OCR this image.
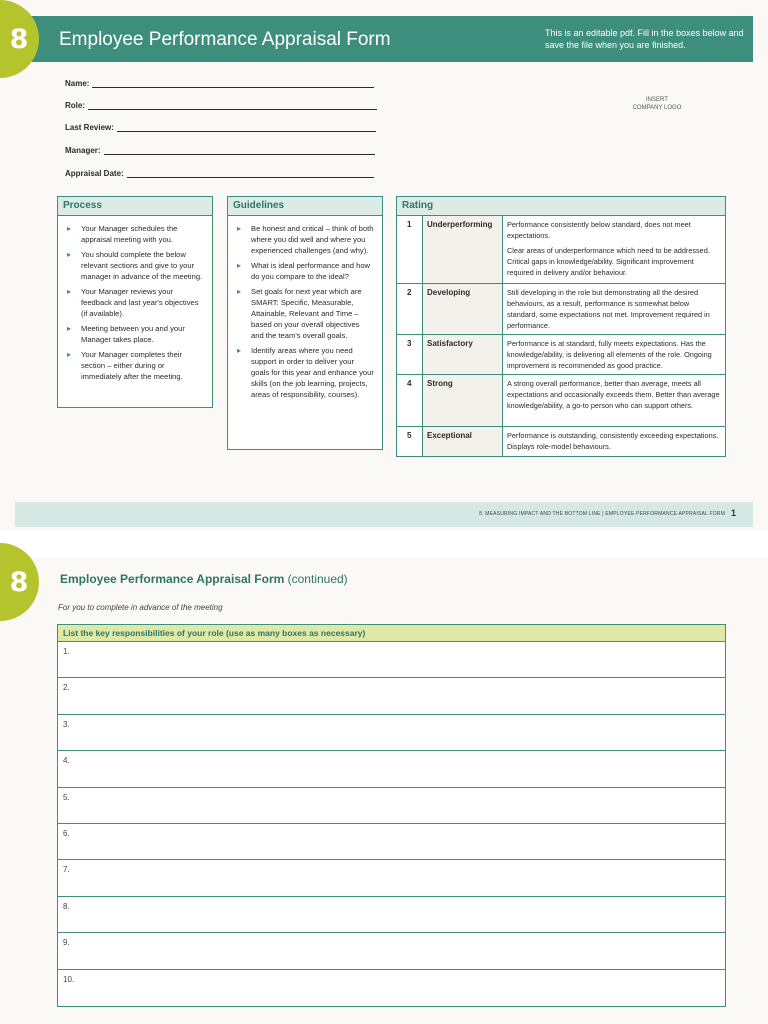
Employee Performance Appraisal Form	This is an editable pdf. Fill in the boxes below and save the file when you are finished.
8
Name:
Role:
Last Review:
Manager:
Appraisal Date:
INSERT COMPANY LOGO
Process
▸ Your Manager schedules the appraisal meeting with you.
▸ You should complete the below relevant sections and give to your manager in advance of the meeting.
▸ Your Manager reviews your feedback and last year's objectives (if available).
▸ Meeting between you and your Manager takes place.
▸ Your Manager completes their section – either during or immediately after the meeting.
Guidelines
▸ Be honest and critical – think of both where you did well and where you experienced challenges (and why).
▸ What is ideal performance and how do you compare to the ideal?
▸ Set goals for next year which are SMART: Specific, Measurable, Attainable, Relevant and Time – based on your overall objectives and the team's overall goals.
▸ Identify areas where you need support in order to deliver your goals for this year and enhance your skills (on the job learning, projects, areas of responsibility, courses).
Rating
1	Underperforming	Performance consistently below standard, does not meet expectations.

Clear areas of underperformance which need to be addressed. Critical gaps in knowledge/ability. Significant improvement required in delivery and/or behaviour.

2	Developing	Still developing in the role but demonstrating all the desired behaviours, as a result, performance is somewhat below standard, some expectations not met. Improvement required in performance.

3	Satisfactory	Performance is at standard, fully meets expectations. Has the knowledge/ability, is delivering all elements of the role. Ongoing improvement is recommended as good practice.

4	Strong	A strong overall performance, better than average, meets all expectations and occasionally exceeds them. Better than average knowledge/ability, a go-to person who can support others.

5	Exceptional	Performance is outstanding, consistently exceeding expectations. Displays role-model behaviours.

8. MEASURING IMPACT AND THE BOTTOM LINE | EMPLOYEE PERFORMANCE APPRAISAL FORM 1
8	Employee Performance Appraisal Form (continued)
For you to complete in advance of the meeting
List the key responsibilities of your role (use as many boxes as necessary)
1.
2.
3.
4.
5.
6.
7.
8.
9.
10.
